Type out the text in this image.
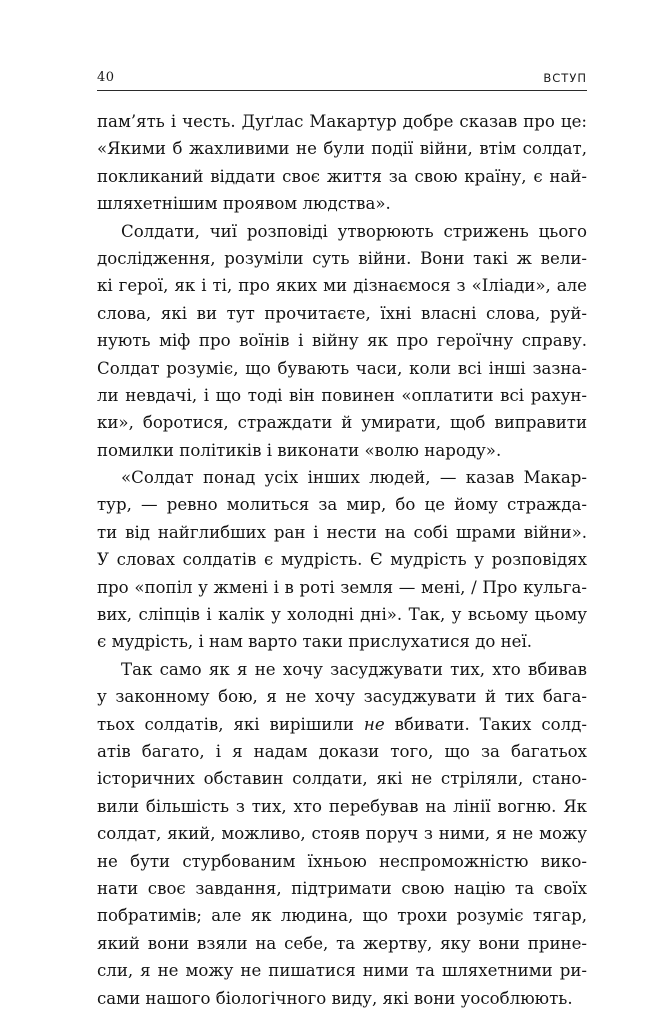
40	ВСТУП
пам’ять і честь. Дуґлас Макартур добре сказав про це:
«Якими б жахливими не були події війни, втім солдат,
покликаний віддати своє життя за свою країну, є най-
шляхетнішим проявом людства».
Солдати, чиї розповіді утворюють стрижень цього
дослідження, розуміли суть війни. Вони такі ж вели-
кі герої, як і ті, про яких ми дізнаємося з «Іліади», але
слова, які ви тут прочитаєте, їхні власні слова, руй-
нують міф про воїнів і війну як про героїчну справу.
Солдат розуміє, що бувають часи, коли всі інші зазна-
ли невдачі, і що тоді він повинен «оплатити всі рахун-
ки», боротися, страждати й умирати, щоб виправити
помилки політиків і виконати «волю народу».
«Солдат понад усіх інших людей, — казав Макар-
тур, — ревно молиться за мир, бо це йому страждa-
ти від найглибших ран і нести на собі шрами війни».
У словах солдатів є мудрість. Є мудрість у розповідях
про «попіл у жмені і в роті земля — мені, / Про кульга-
вих, сліпців і калік у холодні дні». Так, у всьому цьому
є мудрість, і нам варто таки прислухатися до неї.
Так само як я не хочу засуджувати тих, хто вбивав
у законному бою, я не хочу засуджувати й тих багa-
тьох солдатів, які вирішили не вбивати. Таких солд-
атів багато, і я надам докази того, що за багатьох
історичних обставин солдати, які не стріляли, стано-
вили більшість з тих, хто перебував на лінії вогню. Як
солдат, який, можливо, стояв поруч з ними, я не можу
не бути стурбованим їхньою неспроможністю вико-
нати своє завдання, підтримати свою націю та своїх
побратимів; але як людина, що трохи розуміє тягар,
який вони взяли на себе, та жертву, яку вони прине-
сли, я не можу не пишатися ними та шляхетними ри-
сами нашого біологічного виду, які вони уособлюють.
